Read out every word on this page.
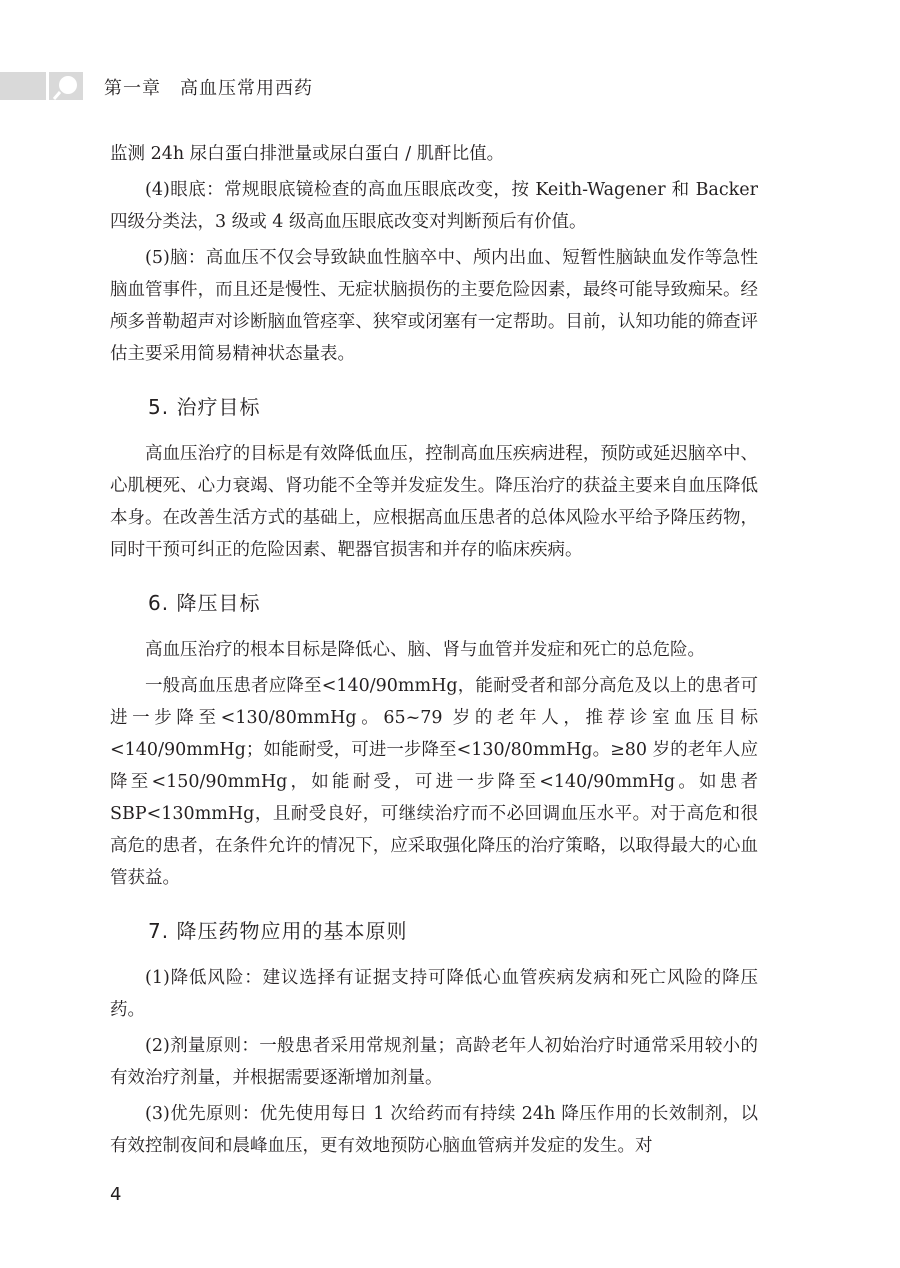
第一章　高血压常用西药

监测 24h 尿白蛋白排泄量或尿白蛋白 / 肌酐比值。

(4)眼底：常规眼底镜检查的高血压眼底改变，按 Keith-Wagener 和 Backer 四级分类法，3 级或 4 级高血压眼底改变对判断预后有价值。

(5)脑：高血压不仅会导致缺血性脑卒中、颅内出血、短暂性脑缺血发作等急性脑血管事件，而且还是慢性、无症状脑损伤的主要危险因素，最终可能导致痴呆。经颅多普勒超声对诊断脑血管痉挛、狭窄或闭塞有一定帮助。目前，认知功能的筛查评估主要采用简易精神状态量表。

5. 治疗目标

高血压治疗的目标是有效降低血压，控制高血压疾病进程，预防或延迟脑卒中、心肌梗死、心力衰竭、肾功能不全等并发症发生。降压治疗的获益主要来自血压降低本身。在改善生活方式的基础上，应根据高血压患者的总体风险水平给予降压药物，同时干预可纠正的危险因素、靶器官损害和并存的临床疾病。

6. 降压目标

高血压治疗的根本目标是降低心、脑、肾与血管并发症和死亡的总危险。

一般高血压患者应降至<140/90mmHg，能耐受者和部分高危及以上的患者可进一步降至<130/80mmHg。65~79 岁的老年人，推荐诊室血压目标<140/90mmHg；如能耐受，可进一步降至<130/80mmHg。≥80 岁的老年人应降至<150/90mmHg，如能耐受，可进一步降至<140/90mmHg。如患者 SBP<130mmHg，且耐受良好，可继续治疗而不必回调血压水平。对于高危和很高危的患者，在条件允许的情况下，应采取强化降压的治疗策略，以取得最大的心血管获益。

7. 降压药物应用的基本原则

(1)降低风险：建议选择有证据支持可降低心血管疾病发病和死亡风险的降压药。

(2)剂量原则：一般患者采用常规剂量；高龄老年人初始治疗时通常采用较小的有效治疗剂量，并根据需要逐渐增加剂量。

(3)优先原则：优先使用每日 1 次给药而有持续 24h 降压作用的长效制剂，以有效控制夜间和晨峰血压，更有效地预防心脑血管病并发症的发生。对

4
